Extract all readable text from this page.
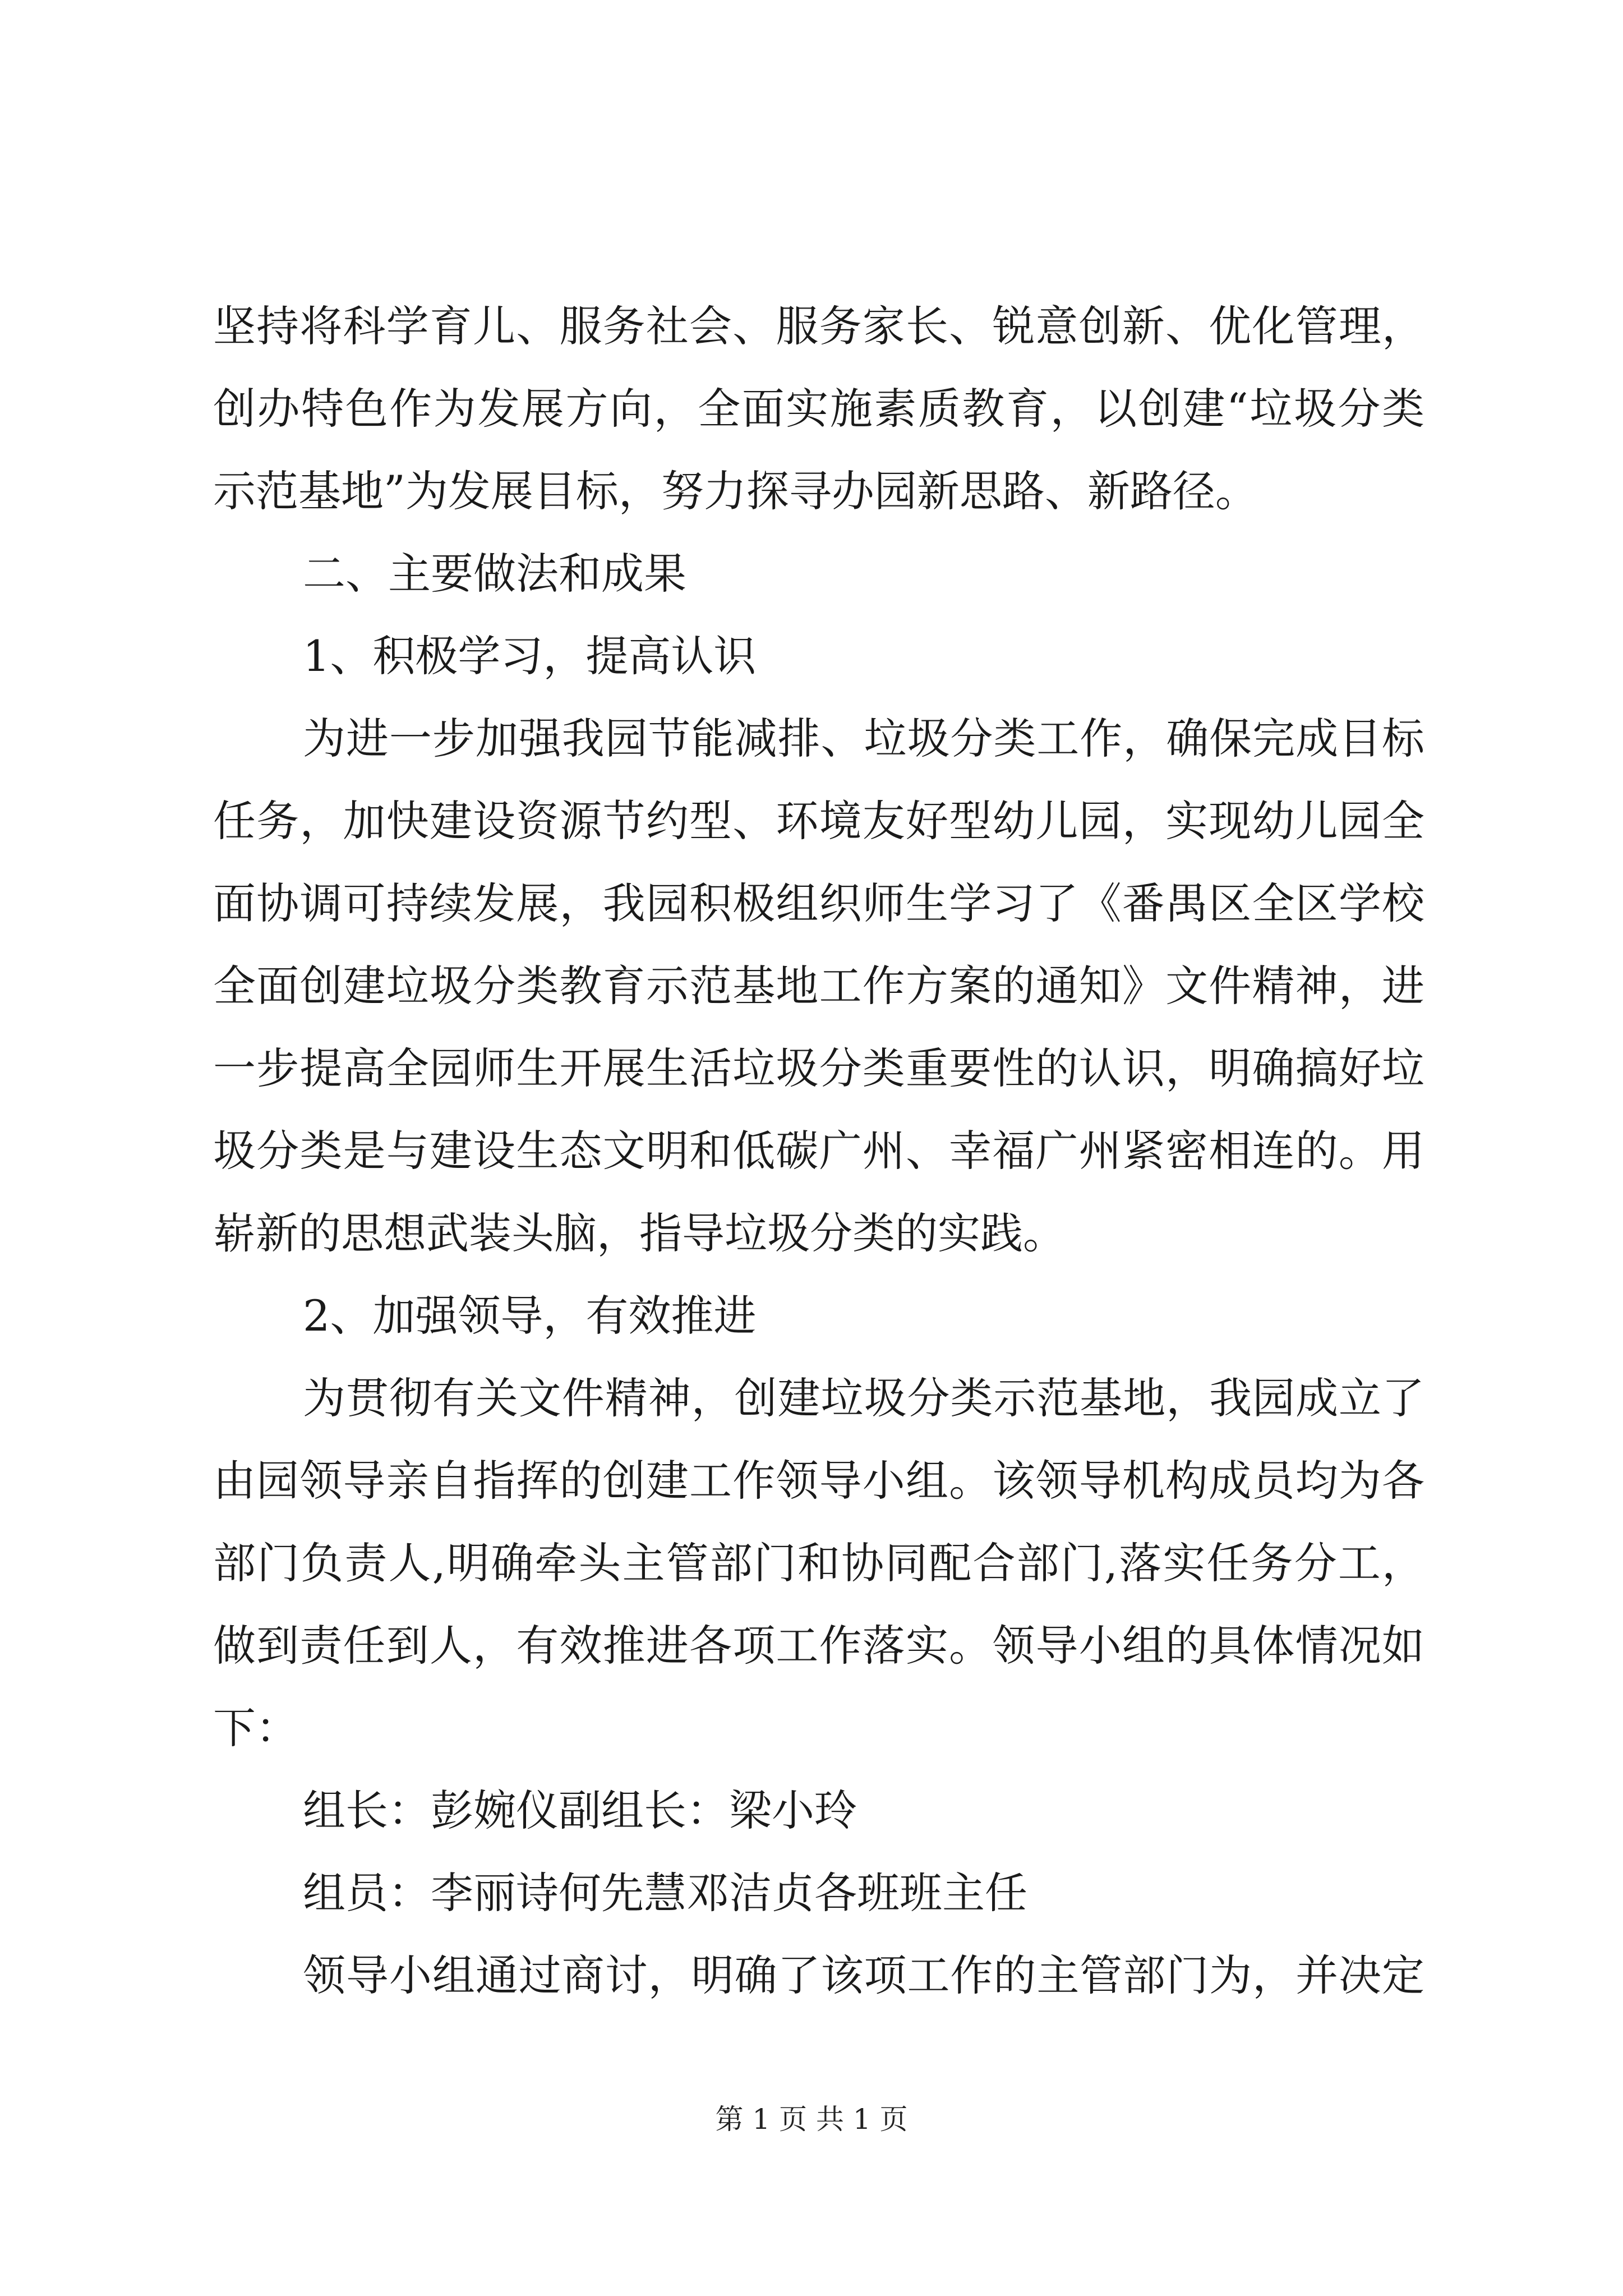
坚持将科学育儿、服务社会、服务家长、锐意创新、优化管理，
创办特色作为发展方向，全面实施素质教育，以创建“垃圾分类
示范基地”为发展目标，努力探寻办园新思路、新路径。
二、主要做法和成果
1、积极学习，提高认识
为进一步加强我园节能减排、垃圾分类工作，确保完成目标
任务，加快建设资源节约型、环境友好型幼儿园，实现幼儿园全
面协调可持续发展，我园积极组织师生学习了《番禺区全区学校
全面创建垃圾分类教育示范基地工作方案的通知》文件精神，进
一步提高全园师生开展生活垃圾分类重要性的认识，明确搞好垃
圾分类是与建设生态文明和低碳广州、幸福广州紧密相连的。用
崭新的思想武装头脑，指导垃圾分类的实践。
2、加强领导，有效推进
为贯彻有关文件精神，创建垃圾分类示范基地，我园成立了
由园领导亲自指挥的创建工作领导小组。该领导机构成员均为各
部门负责人,明确牵头主管部门和协同配合部门,落实任务分工，
做到责任到人，有效推进各项工作落实。领导小组的具体情况如
下：
组长：彭婉仪副组长：梁小玲
组员：李丽诗何先慧邓洁贞各班班主任
领导小组通过商讨，明确了该项工作的主管部门为，并决定
第 1 页 共 1 页
